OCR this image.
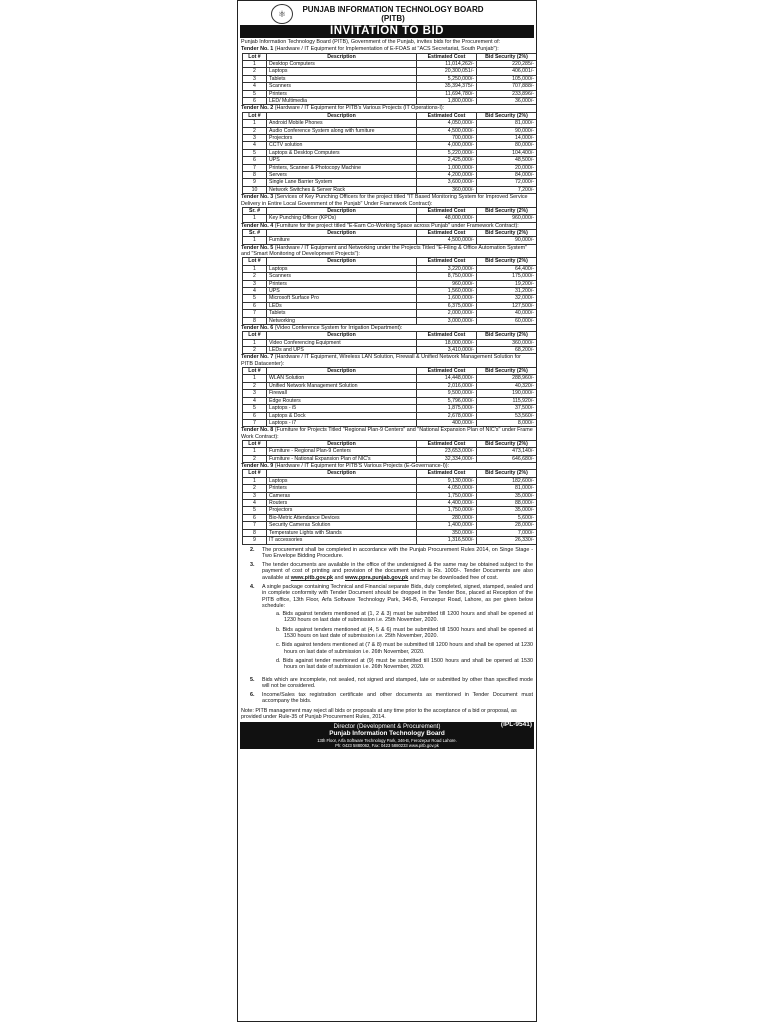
⚛	PUNJAB INFORMATION TECHNOLOGY BOARD
(PITB)
INVITATION TO BID
Punjab Information Technology Board (PITB), Government of the Punjab, invites bids for the Procurement of:
Tender No. 1 (Hardware / IT Equipment for Implementation of E-FOAS at "ACS Secretariat, South Punjab"):
Lot #	Description	Estimated Cost	Bid Security (2%)
1	Desktop Computers	11,014,262/-	220,285/-
2	Laptops	20,300,051/-	406,001/-
3	Tablets	5,250,000/-	105,000/-
4	Scanners	35,394,375/-	707,888/-
5	Printers	11,694,780/-	233,896/-
6	LED/ Multimedia	1,800,000/-	36,000/-
Tender No. 2 (Hardware / IT Equipment for PITB's Various Projects (IT Operations-I):
Lot #	Description	Estimated Cost	Bid Security (2%)
1	Android Mobile Phones	4,050,000/-	81,000/-
2	Audio Conference System along with furniture	4,500,000/-	90,000/-
3	Projectors	700,000/-	14,000/-
4	CCTV solution	4,000,000/-	80,000/-
5	Laptops & Desktop Computers	5,220,000/-	104,400/-
6	UPS	2,425,000/-	48,500/-
7	Printers, Scanner & Photocopy Machine	1,000,000/-	20,000/-
8	Servers	4,200,000/-	84,000/-
9	Single Lane Barrier System	3,600,000/-	72,000/-
10	Network Switches & Server Rack	360,000/-	7,200/-
Tender No. 3 (Services of Key Punching Officers for the project titled "IT Based Monitoring System for Improved Service Delivery in Entire Local Government of the Punjab" Under Framework Contract):
Sr. #	Description	Estimated Cost	Bid Security (2%)
1	Key Punching Officer (KPOs)	48,000,000/-	960,000/-
Tender No. 4 (Furniture for the project titled "E-Earn Co-Working Space across Punjab" under Framework Contract):
Sr. #	Description	Estimated Cost	Bid Security (2%)
1	Furniture	4,500,000/-	90,000/-
Tender No. 5 (Hardware / IT Equipment and Networking under the Projects Titled "E-Filing & Office Automation System" and "Smart Monitoring of Development Projects"):
Lot #	Description	Estimated Cost	Bid Security (2%)
1	Laptops	3,220,000/-	64,400/-
2	Scanners	8,750,000/-	175,000/-
3	Printers	960,000/-	19,200/-
4	UPS	1,560,000/-	31,200/-
5	Microsoft Surface Pro	1,600,000/-	32,000/-
6	LEDs	6,375,000/-	127,500/-
7	Tablets	2,000,000/-	40,000/-
8	Networking	3,000,000/-	60,000/-
Tender No. 6 (Video Conference System for Irrigation Department):
Lot #	Description	Estimated Cost	Bid Security (2%)
1	Video Conferencing Equipment	18,000,000/-	360,000/-
2	LEDs and UPS	3,410,000/-	68,200/-
Tender No. 7 (Hardware / IT Equipment, Wireless LAN Solution, Firewall & Unified Network Management Solution for PITB Datacenter):
Lot #	Description	Estimated Cost	Bid Security (2%)
1	WLAN Solution	14,448,000/-	288,960/-
2	Unified Network Management Solution	2,016,000/-	40,320/-
3	Firewall	9,500,000/-	190,000/-
4	Edge Routers	5,796,000/-	115,920/-
5	Laptops - i5	1,875,000/-	37,500/-
6	Laptops & Dock	2,678,000/-	53,560/-
7	Laptops - i7	400,000/-	8,000/-
Tender No. 8 (Furniture for Projects Titled "Regional Plan-9 Centers" and "National Expansion Plan of NIC's" under Frame Work Contract):
Lot #	Description	Estimated Cost	Bid Security (2%)
1	Furniture - Regional Plan-9 Centers	23,653,000/-	473,140/-
2	Furniture - National Expansion Plan of NIC's	32,334,000/-	646,680/-
Tender No. 9 (Hardware / IT Equipment for PITB'S Various Projects (E-Governance-I)):
Lot #	Description	Estimated Cost	Bid Security (2%)
1	Laptops	9,130,000/-	182,600/-
2	Printers	4,050,000/-	81,000/-
3	Cameras	1,750,000/-	35,000/-
4	Routers	4,400,000/-	88,000/-
5	Projectors	1,750,000/-	35,000/-
6	Bio-Metric Attendance Devices	280,000/-	5,600/-
7	Security Cameras Solution	1,400,000/-	28,000/-
8	Temperature Lights with Stands	350,000/-	7,000/-
9	IT accessories	1,316,500/-	26,330/-
2.	The procurement shall be completed in accordance with the Punjab Procurement Rules 2014, on Singe Stage - Two Envelope Bidding Procedure.
3.	The tender documents are available in the office of the undersigned & the same may be obtained subject to the payment of cost of printing and provision of the document which is Rs. 1000/-. Tender Documents are also available at www.pitb.gov.pk and www.ppra.punjab.gov.pk and may be downloaded free of cost.
4.	A single package containing Technical and Financial separate Bids, duly completed, signed, stamped, sealed and in complete conformity with Tender Document should be dropped in the Tender Box, placed at Reception of the PITB office, 13th Floor, Arfa Software Technology Park, 346-B, Ferozepur Road, Lahore, as per given below schedule:
a. Bids against tenders mentioned at (1, 2 & 3) must be submitted till 1200 hours and shall be opened at 1230 hours on last date of submission i.e. 25th November, 2020.
b. Bids against tenders mentioned at (4, 5 & 6) must be submitted till 1500 hours and shall be opened at 1530 hours on last date of submission i.e. 25th November, 2020.
c. Bids against tenders mentioned at (7 & 8) must be submitted till 1200 hours and shall be opened at 1230 hours on last date of submission i.e. 26th November, 2020.
d. Bids against tender mentioned at (9) must be submitted till 1500 hours and shall be opened at 1530 hours on last date of submission i.e. 26th November, 2020.
5.	Bids which are incomplete, not sealed, not signed and stamped, late or submitted by other than specified mode will not be considered.
6.	Income/Sales tax registration certificate and other documents as mentioned in Tender Document must accompany the bids.
Note: PITB management may reject all bids or proposals at any time prior to the acceptance of a bid or proposal, as provided under Rule-35 of Punjab Procurement Rules, 2014.
Director (Development & Procurement)
Punjab Information Technology Board
13th Floor, Arfa Software Technology Park, 346-B, Ferozepur Road Lahore.
Ph: 0423 5880062, Fax: 0423 5880233 www.pitb.gov.pk
(IPL-9541)
